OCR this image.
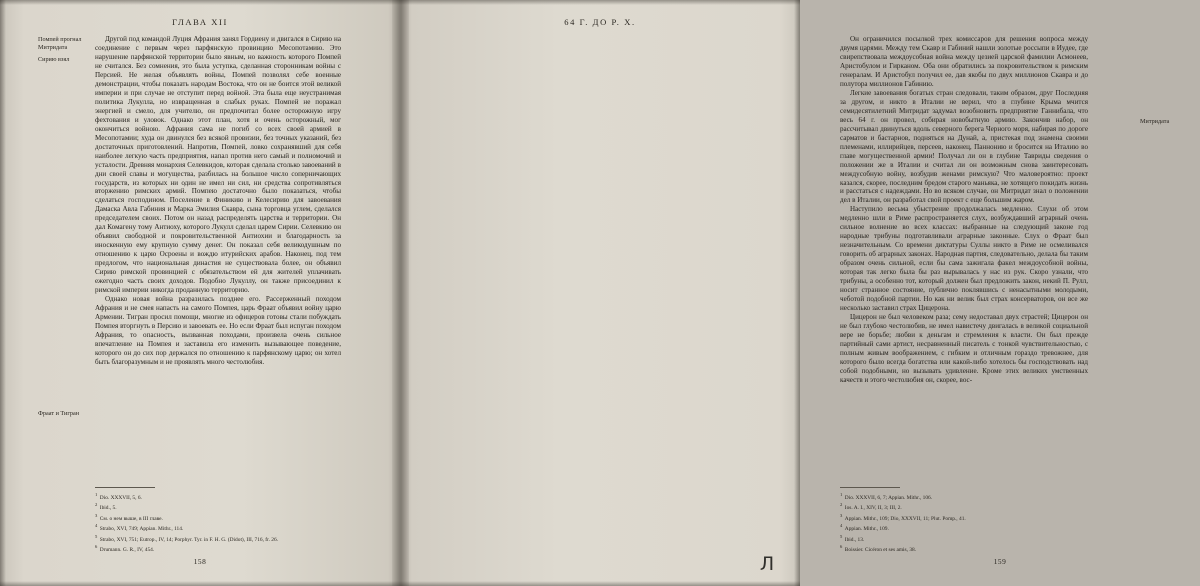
ГЛАВА XII
Помпей прогнал Митридата
Сирию взял
Фраат и Тигран

Другой под командой Луция Афрания занял Гордиену и двигался в Сирию на соединение с первым через парфянскую провинцию Месопотамию. Это нарушение парфянской территории было явным, но важность которого Помпей не считался. Без сомнения, это была уступка, сделанная сторонникам войны с Персией. Не желая объявлять войны, Помпей позволял себе военные демонстрации, чтобы показать народам Востока, что он не боится этой великой империи и при случае не отступит перед войной. Эта была еще неустранимая политика Лукулла, но извращенная в слабых руках. Помпей не поражал энергией и смело, для учителю, он предпочитал более осторожную игру фехтования и уловок. Однако этот план, хотя и очень осторожный, мог окончиться войною. Афрания сама не погиб со всех своей армией в Месопотамии; худа он двинулся без всякой провизии, без точных указаний, без достаточных приготовлений. Напротив, Помпей, ловко сохранявший для себя наиболее легкую часть предприятия, напал против него самый и полномочий и усталости. Древняя монархия Селевкидов, которая сделала столько завоеваний в дни своей славы и могущества, разбилась на большое число соперничающих государств, из которых ни один не имел ни сил, ни средства сопротивляться вторжению римских армий. Помпею достаточно было показаться, чтобы сделаться господином. Поселение в Финикию и Келесирию для завоевания Дамаска Авла Габиния и Марка Эмилия Скавра, сына торговца углем, сделался председателем своих. Потом он назад распределять царства и территории. Он дал Комагену тому Антиоху, которого Лукулл сделал царем Сирии. Селевкию он объявил свободной и покровительственной Антиохии и благодарность за иноскенную ему крупную сумму денег. Он показал себя великодушным по отношению к царю Осроены и вождю итурийских арабов. Наконец, под тем предлогом, что национальная династия не существовала более, он объявил Сирию римской провинцией с обязательством ей для жителей уплачивать ежегодно часть своих доходов. Подобно Лукуллу, он также присоединил к римской империи никогда проданную территорию.

Однако новая война разразилась позднее его. Рассерженный походом Афрания и не смея напасть на самого Помпея, царь Фраат объявил войну царю Армении. Тигран просил помощи, многие из офицеров готовы стали побуждать Помпея вторгнуть в Персию и завоевать ее. Но если Фраат был испуган походом Афрания, то опасность, вызванная походами, произвела очень сильное впечатление на Помпея и заставила его изменить вызывающее поведение, которого он до сих пор держался по отношению к парфянскому царю; он хотел быть благоразумным и не проявлять много честолюбия.

$^1$Dio. XXXVII, 5, 6.
$^2$Ibid., 5.
$^3$Cм. о нем выше, в III главе.
$^4$Strabo, XVI, 749; Appian. Mithr., 114.
$^5$Strabo, XVI, 751; Eutrop., IV, 14; Porphyr. Tyr. in F. H. G. (Didot), III, 716, fr. 26.
$^6$Drumann. G. R., IV, 454.
158
64 Г. ДО Р. X.

Он ограничился посылкой трех комиссаров для решения вопроса между двумя царями. Между тем Скавр и Габиний нашли золотые россыпи в Иудее, где свирепствовала междоусобная война между цезией царской фамилии Асмонеев, Аристобулом и Гирканом. Оба они обратились за покровительством к римским генералам. И Аристобул получил ее, дав якобы по двух миллионов Скавра и до полутора миллионов Габинию.

Легкие завоевания богатых стран следовали, таким образом, друг Последняя за другом, и никто в Италии не верил, что в глубине Крыма мчится семидесятилетний Митридат задумал возобновить предприятие Ганнибала, что весь 64 г. он провел, собирая новобытную армию. Закончив набор, он рассчитывал двинуться вдоль северного берега Черного моря, набирая по дороге сарматов и бастарнов, подняться на Дунай, а, пристекая под знамена своими племенами, иллирийцев, персеев, наконец, Паннонию и бросится на Италию во главе могущественной армии! Получал ли он в глубине Тавриды сведения о положении же в Италии и считал ли он возможным снова заинтересовать междусобную войну, возбудив женами римскую? Что маловероятно: проект казался, скорее, последним бредом старого маньяка, не хотящего покидать жизнь и расстаться с надеждами. Но во всяком случае, он Митридат знал о положении дел в Италии, он разработал свой проект с еще большим жаром.

Наступило весьма убыстрение продолжалась медленно. Слухи об этом медленно шли в Риме распространяется слух, возбуждавший аграрный очень сильное волнение во всех классах: выбранные на следующий законе год народные трибуны подготавливали аграрные законные. Слух о Фраат был незначительным. Со времени диктатуры Суллы никто в Риме не осмеливался говорить об аграрных законах. Народная партия, следовательно, делала бы таким образом очень сильной, если бы сама зажигала факел междоусобной войны, которая так легко была бы раз вырывалась у нас из рук. Скоро узнали, что трибуны, а особенно тот, который должен был предложить закон, некий П. Рулл, носит странное состояние, публично поклявшись с ненасытными молодыми, чеботой подобной партии. Но как ни велик был страх консерваторов, он все же несколько заставил страх Цицерона.

Цицерон не был человеком раза; сему недоставал двух страстей; Цицерон он не был глубоко честолюбив, не имел навистечу двигалась в великой социальной вере не борьбе; любви к деньгам и стремления к власти. Он был прежде партийный сами артист, несравненный писатель с тонкой чувствительностью, с полным живым воображением, с гибким и отличным гораздо тревожнее, для которого было всегда богатства или какой-либо хотелось бы господствовать над собой подобными, но вызывать удивление. Кроме этих великих умственных качеств и этого честолюбия он, скорее, вос-

$^1$Dio. XXXVII, 6, 7; Appian. Mithr., 106.
$^2$Ios. A. I., XIV, II, 3; III, 2.
$^3$Appian. Mithr., 109; Dio, XXXVII, 11; Plut. Pomp., 41.
$^4$Appian. Mithr., 109.
$^5$Ibid., 13.
$^6$Boissier. Cicéron et ses amis, 38.
159
Митридата
Л
